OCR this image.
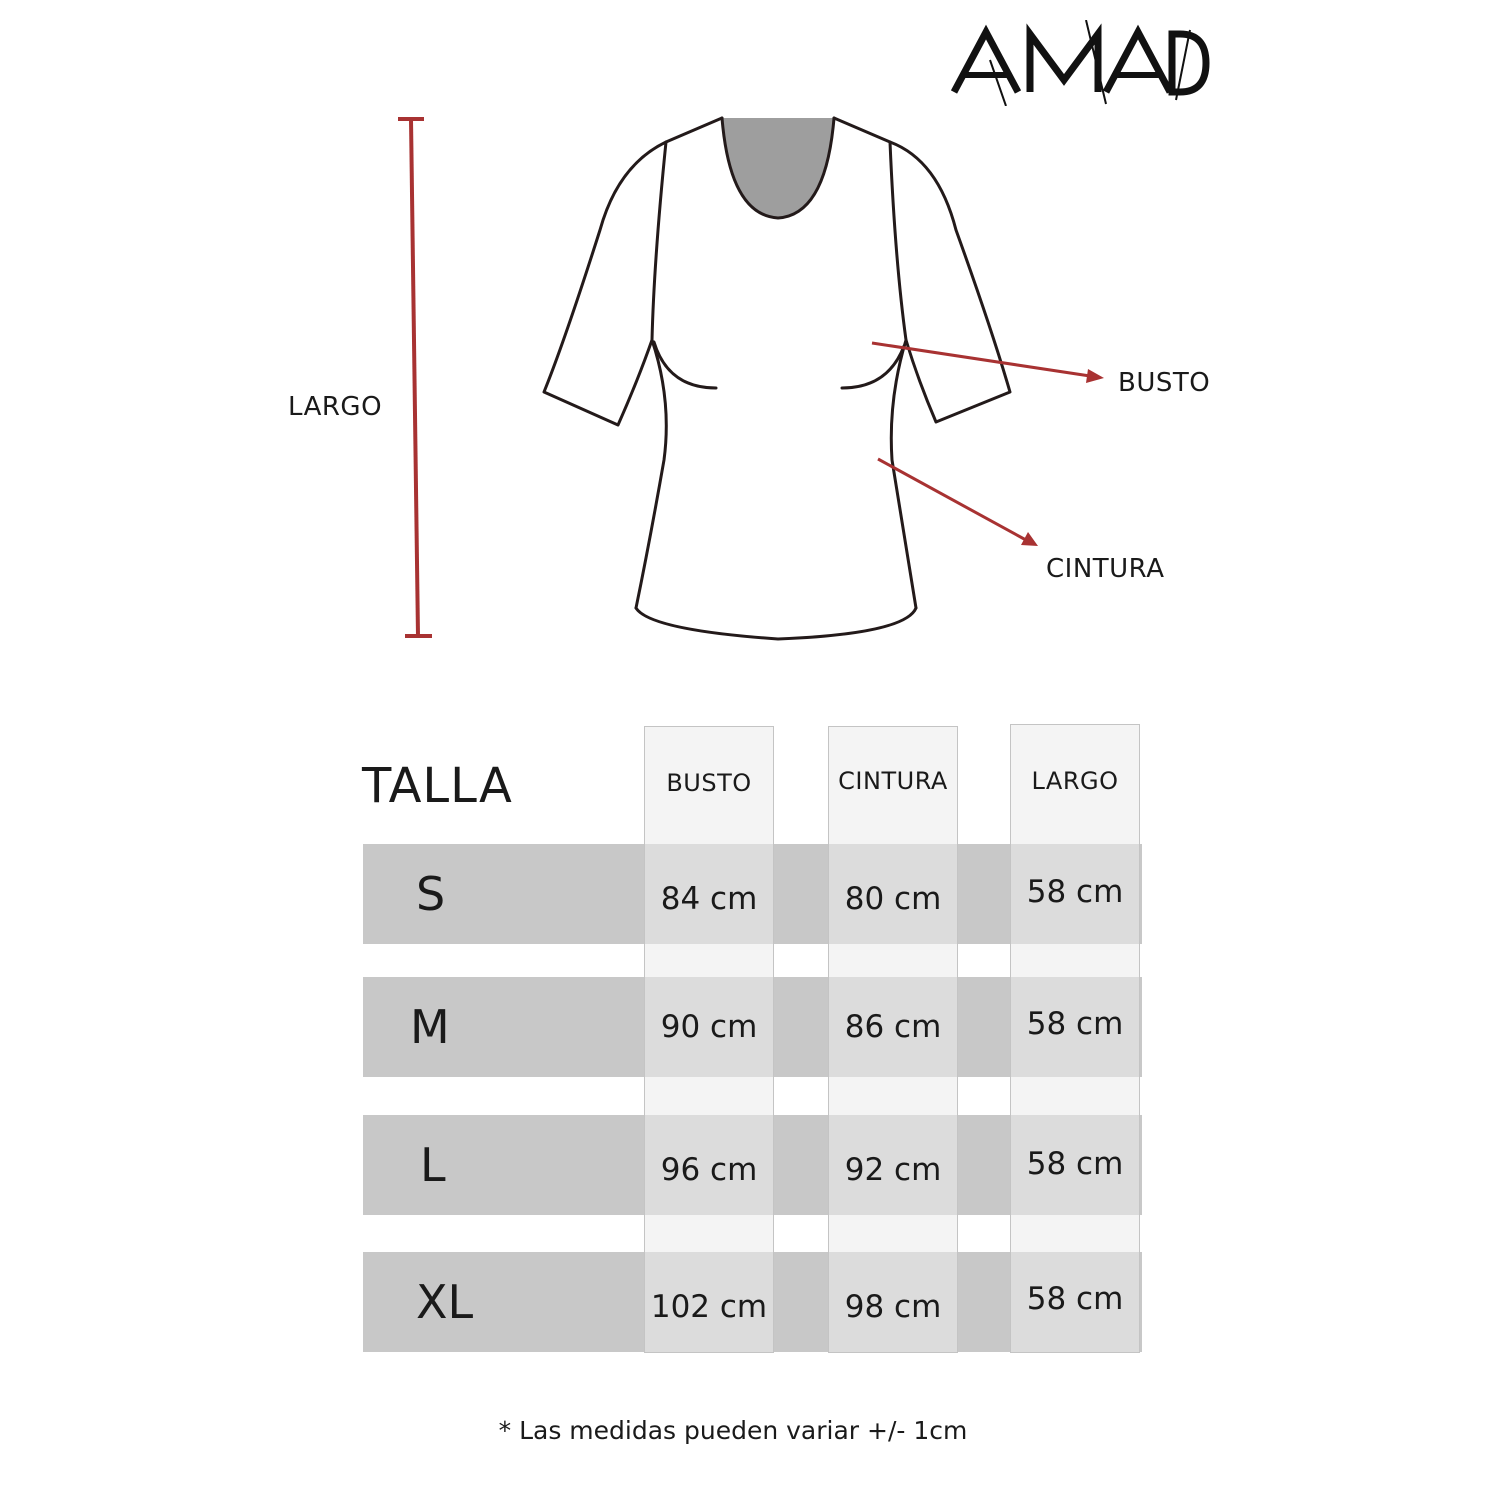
LARGO
BUSTO
CINTURA
TALLA
S
M
L
XL
BUSTO
84 cm
90 cm
96 cm
102 cm
CINTURA
80 cm
86 cm
92 cm
98 cm
LARGO
58 cm
58 cm
58 cm
58 cm
* Las medidas pueden variar +/- 1cm
